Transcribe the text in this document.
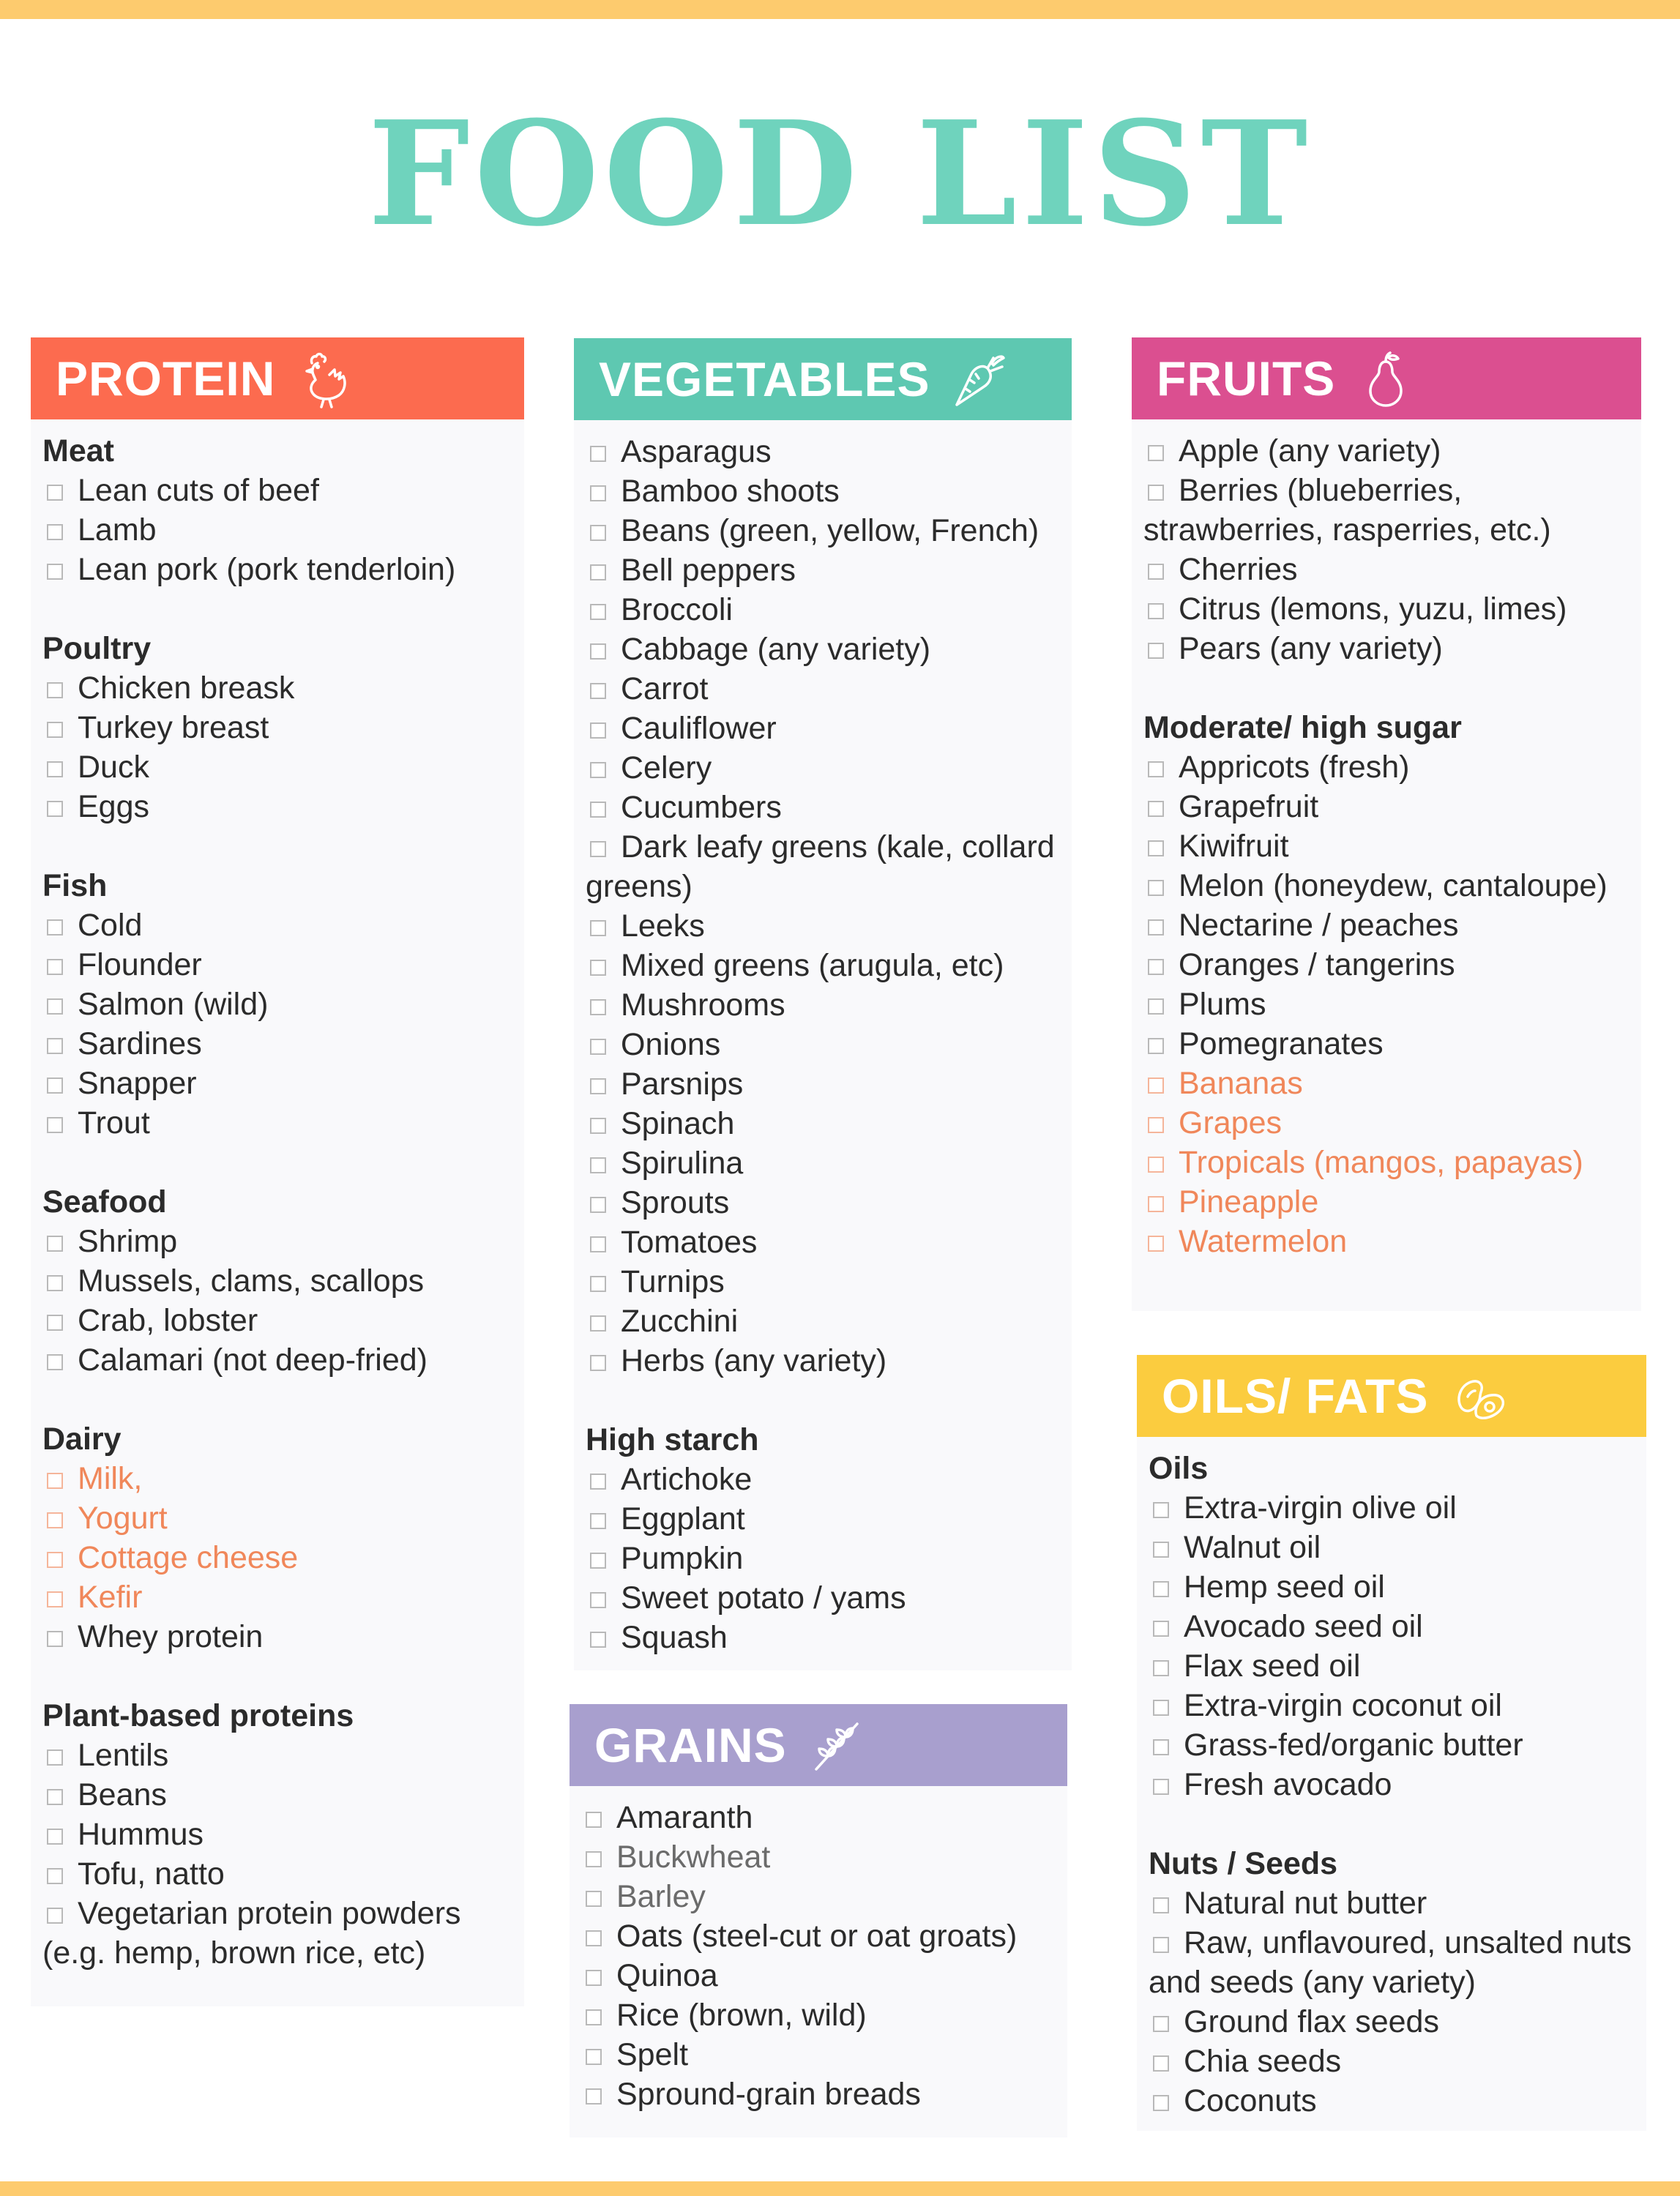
FOOD LIST
PROTEIN
Meat
Lean cuts of beef
Lamb
Lean pork (pork tenderloin)
Poultry
Chicken breask
Turkey breast
Duck
Eggs
Fish
Cold
Flounder
Salmon (wild)
Sardines
Snapper
Trout
Seafood
Shrimp
Mussels, clams, scallops
Crab, lobster
Calamari (not deep-fried)
Dairy
Milk,
Yogurt
Cottage cheese
Kefir
Whey protein
Plant-based proteins
Lentils
Beans
Hummus
Tofu, natto
Vegetarian protein powders (e.g. hemp, brown rice, etc)
VEGETABLES
Asparagus
Bamboo shoots
Beans (green, yellow, French)
Bell peppers
Broccoli
Cabbage (any variety)
Carrot
Cauliflower
Celery
Cucumbers
Dark leafy greens (kale, collard greens)
Leeks
Mixed greens (arugula, etc)
Mushrooms
Onions
Parsnips
Spinach
Spirulina
Sprouts
Tomatoes
Turnips
Zucchini
Herbs (any variety)
High starch
Artichoke
Eggplant
Pumpkin
Sweet potato / yams
Squash
GRAINS
Amaranth
Buckwheat
Barley
Oats (steel-cut or oat groats)
Quinoa
Rice (brown, wild)
Spelt
Spround-grain breads
FRUITS
Apple (any variety)
Berries (blueberries, strawberries, rasperries, etc.)
Cherries
Citrus (lemons, yuzu, limes)
Pears (any variety)
Moderate/ high sugar
Appricots (fresh)
Grapefruit
Kiwifruit
Melon (honeydew, cantaloupe)
Nectarine / peaches
Oranges / tangerins
Plums
Pomegranates
Bananas
Grapes
Tropicals (mangos, papayas)
Pineapple
Watermelon
OILS/ FATS
Oils
Extra-virgin olive oil
Walnut oil
Hemp seed oil
Avocado seed oil
Flax seed oil
Extra-virgin coconut oil
Grass-fed/organic butter
Fresh avocado
Nuts / Seeds
Natural nut butter
Raw, unflavoured, unsalted nuts and seeds (any variety)
Ground flax seeds
Chia seeds
Coconuts
